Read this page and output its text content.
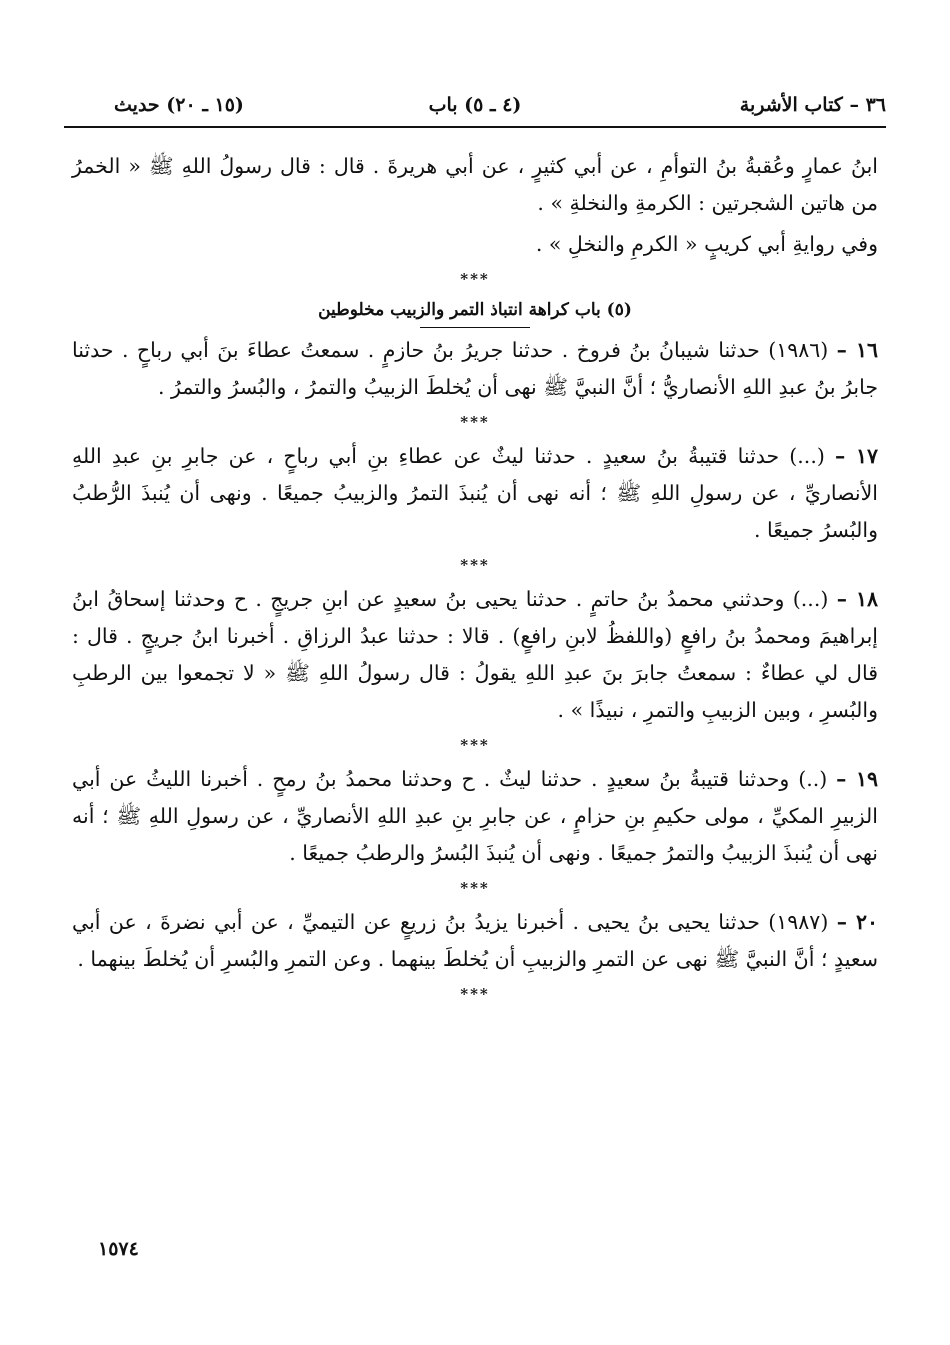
٣٦ – كتاب الأشربة
(٤ ـ ٥) باب
(١٥ ـ ٢٠) حديث

ابنُ عمارٍ وعُقبةُ بنُ التوأمِ ، عن أبي كثيرٍ ، عن أبي هريرةَ . قال : قال رسولُ اللهِ ﷺ « الخمرُ من هاتين الشجرتين : الكرمةِ والنخلةِ » .

وفي روايةِ أبي كريبٍ « الكرمِ والنخلِ » .

***
(٥) باب كراهة انتباذ التمر والزبيب مخلوطين

١٦ – (١٩٨٦) حدثنا شيبانُ بنُ فروخ . حدثنا جريرُ بنُ حازمٍ . سمعتُ عطاءَ بنَ أبي رباحٍ . حدثنا جابرُ بنُ عبدِ اللهِ الأنصاريُّ ؛ أنَّ النبيَّ ﷺ نهى أن يُخلطَ الزبيبُ والتمرُ ، والبُسرُ والتمرُ .

***

١٧ – (...) حدثنا قتيبةُ بنُ سعيدٍ . حدثنا ليثٌ عن عطاءِ بنِ أبي رباحٍ ، عن جابرِ بنِ عبدِ اللهِ الأنصاريِّ ، عن رسولِ اللهِ ﷺ ؛ أنه نهى أن يُنبذَ التمرُ والزبيبُ جميعًا . ونهى أن يُنبذَ الرُّطبُ والبُسرُ جميعًا .

***

١٨ – (...) وحدثني محمدُ بنُ حاتمٍ . حدثنا يحيى بنُ سعيدٍ عن ابنِ جريجٍ . ح وحدثنا إسحاقُ ابنُ إبراهيمَ ومحمدُ بنُ رافعٍ (واللفظُ لابنِ رافعٍ) . قالا : حدثنا عبدُ الرزاقِ . أخبرنا ابنُ جريجٍ . قال : قال لي عطاءٌ : سمعتُ جابرَ بنَ عبدِ اللهِ يقولُ : قال رسولُ اللهِ ﷺ « لا تجمعوا بين الرطبِ والبُسرِ ، وبين الزبيبِ والتمرِ ، نبيذًا » .

***

١٩ – (..) وحدثنا قتيبةُ بنُ سعيدٍ . حدثنا ليثٌ . ح وحدثنا محمدُ بنُ رمحٍ . أخبرنا الليثُ عن أبي الزبيرِ المكيِّ ، مولى حكيمِ بنِ حزامٍ ، عن جابرِ بنِ عبدِ اللهِ الأنصاريِّ ، عن رسولِ اللهِ ﷺ ؛ أنه نهى أن يُنبذَ الزبيبُ والتمرُ جميعًا . ونهى أن يُنبذَ البُسرُ والرطبُ جميعًا .

***

٢٠ – (١٩٨٧) حدثنا يحيى بنُ يحيى . أخبرنا يزيدُ بنُ زريعٍ عن التيميِّ ، عن أبي نضرةَ ، عن أبي سعيدٍ ؛ أنَّ النبيَّ ﷺ نهى عن التمرِ والزبيبِ أن يُخلطَ بينهما . وعن التمرِ والبُسرِ أن يُخلطَ بينهما .

***
١٥٧٤
